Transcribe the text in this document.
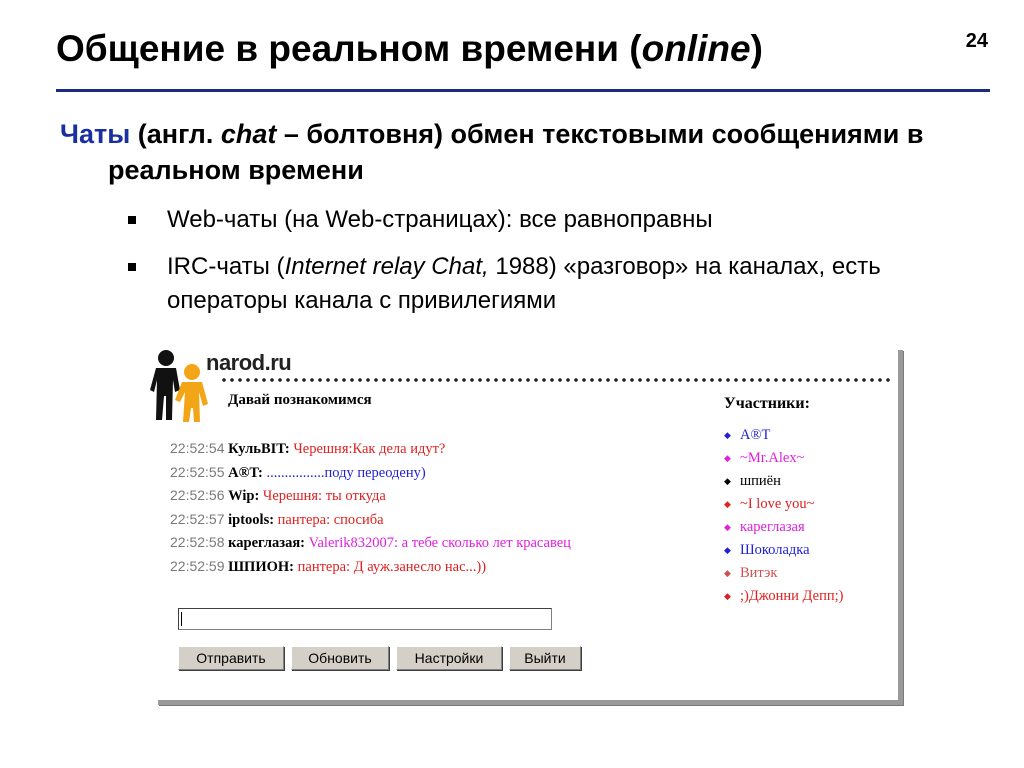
Общение в реальном времени (online)	24
Чаты (англ. chat – болтовня) обмен текстовыми сообщениями в реальном времени
Web-чаты (на Web-страницах): все равноправны
IRC-чаты (Internet relay Chat, 1988) «разговор» на каналах, есть операторы канала с привилегиями
narod.ru
Давай познакомимся	Участники:
22:52:54 КульBIT: Черешня:Как дела идут?
22:52:55 A®T: ................поду переодену)
22:52:56 Wip: Черешня: ты откуда
22:52:57 iptools: пантера: спосиба
22:52:58 кареглазая: Valerik832007: а тебе сколько лет красавец
22:52:59 ШПИОН: пантера: Д ауж.занесло нас...))
◆ A®T
◆ ~Mr.Alex~
◆ шпиён
◆ ~I love you~
◆ кареглазая
◆ Шоколадка
◆ Витэк
◆ ;)Джонни Депп;)
Отправить	Обновить	Настройки	Выйти
